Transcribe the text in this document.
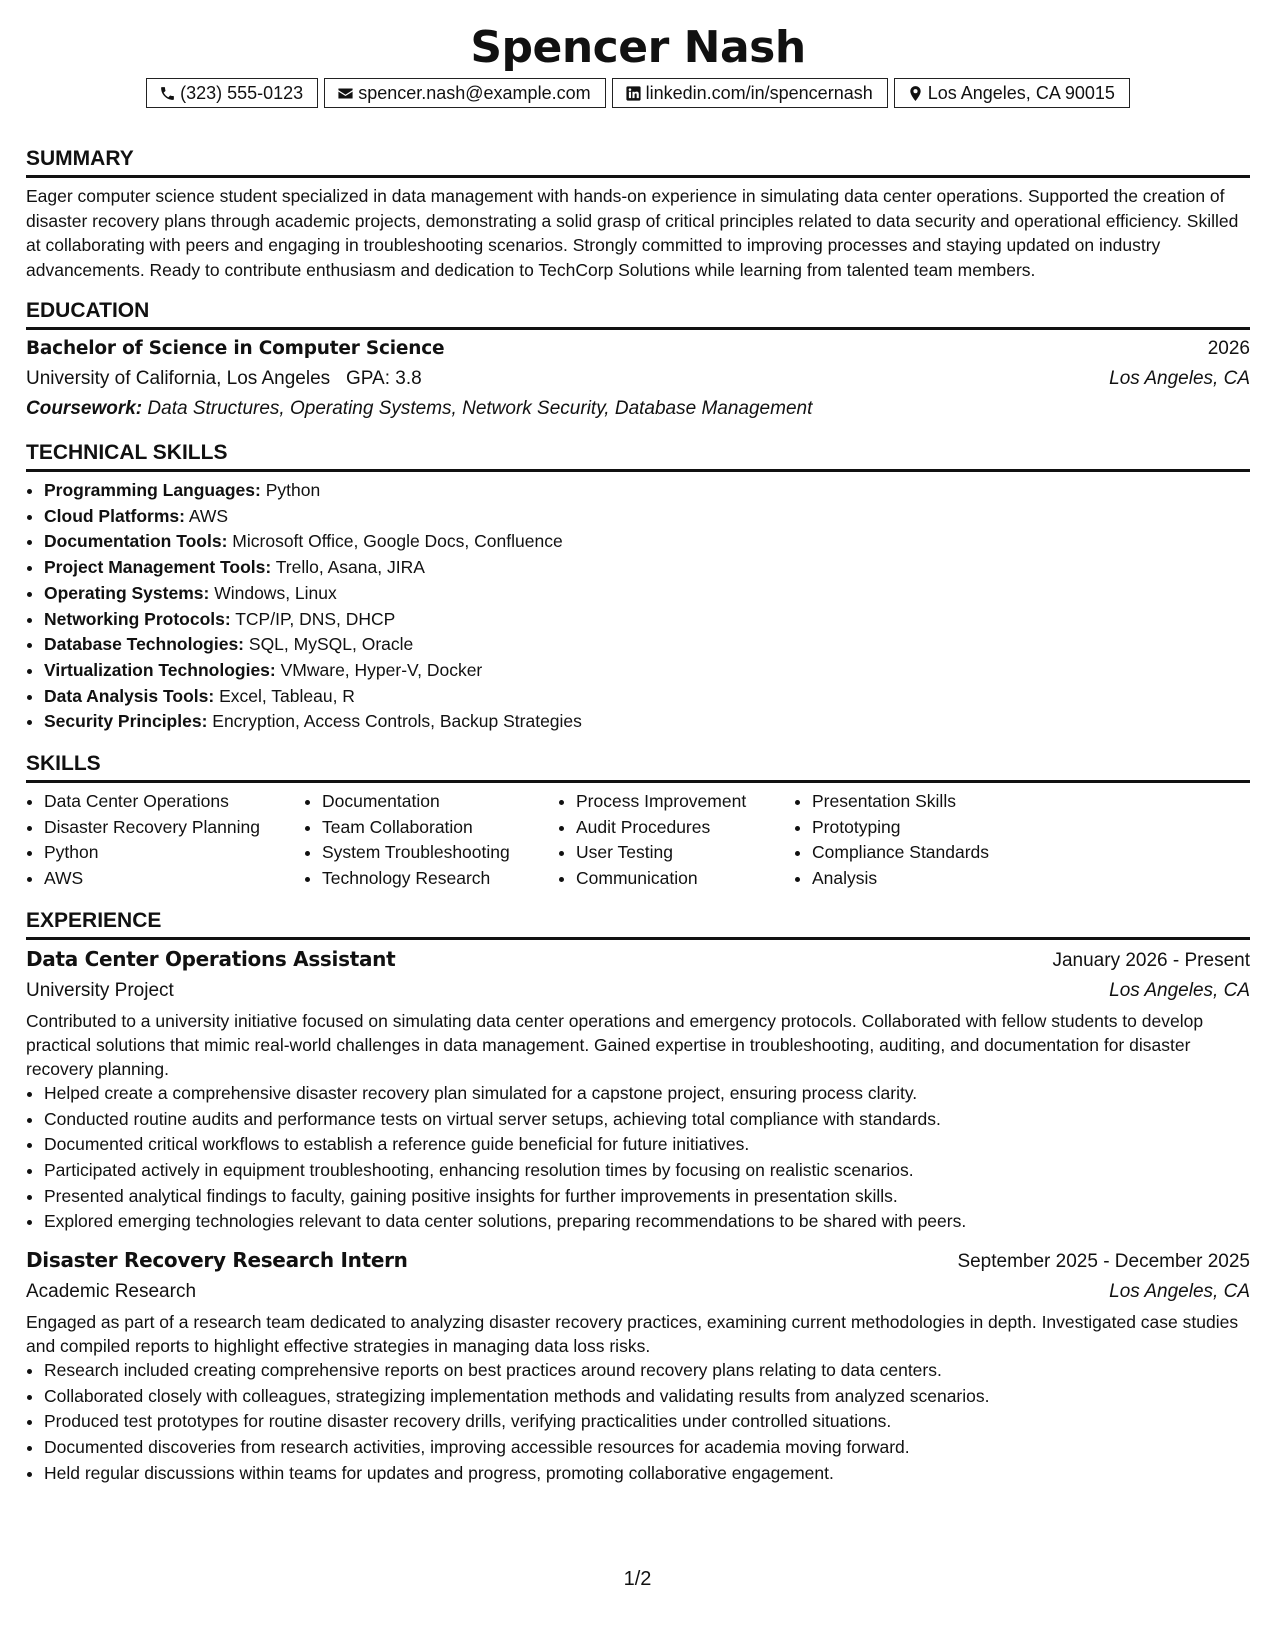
Spencer Nash
(323) 555-0123	spencer.nash@example.com	linkedin.com/in/spencernash	Los Angeles, CA 90015
SUMMARY

Eager computer science student specialized in data management with hands-on experience in simulating data center operations. Supported the creation of disaster recovery plans through academic projects, demonstrating a solid grasp of critical principles related to data security and operational efficiency. Skilled at collaborating with peers and engaging in troubleshooting scenarios. Strongly committed to improving processes and staying updated on industry advancements. Ready to contribute enthusiasm and dedication to TechCorp Solutions while learning from talented team members.

EDUCATION
Bachelor of Science in Computer Science	2026
University of California, Los Angeles GPA: 3.8	Los Angeles, CA
Coursework: Data Structures, Operating Systems, Network Security, Database Management
TECHNICAL SKILLS
• Programming Languages: Python
• Cloud Platforms: AWS
• Documentation Tools: Microsoft Office, Google Docs, Confluence
• Project Management Tools: Trello, Asana, JIRA
• Operating Systems: Windows, Linux
• Networking Protocols: TCP/IP, DNS, DHCP
• Database Technologies: SQL, MySQL, Oracle
• Virtualization Technologies: VMware, Hyper-V, Docker
• Data Analysis Tools: Excel, Tableau, R
• Security Principles: Encryption, Access Controls, Backup Strategies
SKILLS
• Data Center Operations
• Disaster Recovery Planning
• Python
• AWS
• Documentation
• Team Collaboration
• System Troubleshooting
• Technology Research
• Process Improvement
• Audit Procedures
• User Testing
• Communication
• Presentation Skills
• Prototyping
• Compliance Standards
• Analysis
EXPERIENCE
Data Center Operations Assistant	January 2026 - Present
University Project	Los Angeles, CA

Contributed to a university initiative focused on simulating data center operations and emergency protocols. Collaborated with fellow students to develop practical solutions that mimic real-world challenges in data management. Gained expertise in troubleshooting, auditing, and documentation for disaster recovery planning.

• Helped create a comprehensive disaster recovery plan simulated for a capstone project, ensuring process clarity.
• Conducted routine audits and performance tests on virtual server setups, achieving total compliance with standards.
• Documented critical workflows to establish a reference guide beneficial for future initiatives.
• Participated actively in equipment troubleshooting, enhancing resolution times by focusing on realistic scenarios.
• Presented analytical findings to faculty, gaining positive insights for further improvements in presentation skills.
• Explored emerging technologies relevant to data center solutions, preparing recommendations to be shared with peers.
Disaster Recovery Research Intern	September 2025 - December 2025
Academic Research	Los Angeles, CA

Engaged as part of a research team dedicated to analyzing disaster recovery practices, examining current methodologies in depth. Investigated case studies and compiled reports to highlight effective strategies in managing data loss risks.

• Research included creating comprehensive reports on best practices around recovery plans relating to data centers.
• Collaborated closely with colleagues, strategizing implementation methods and validating results from analyzed scenarios.
• Produced test prototypes for routine disaster recovery drills, verifying practicalities under controlled situations.
• Documented discoveries from research activities, improving accessible resources for academia moving forward.
• Held regular discussions within teams for updates and progress, promoting collaborative engagement.
1/2
